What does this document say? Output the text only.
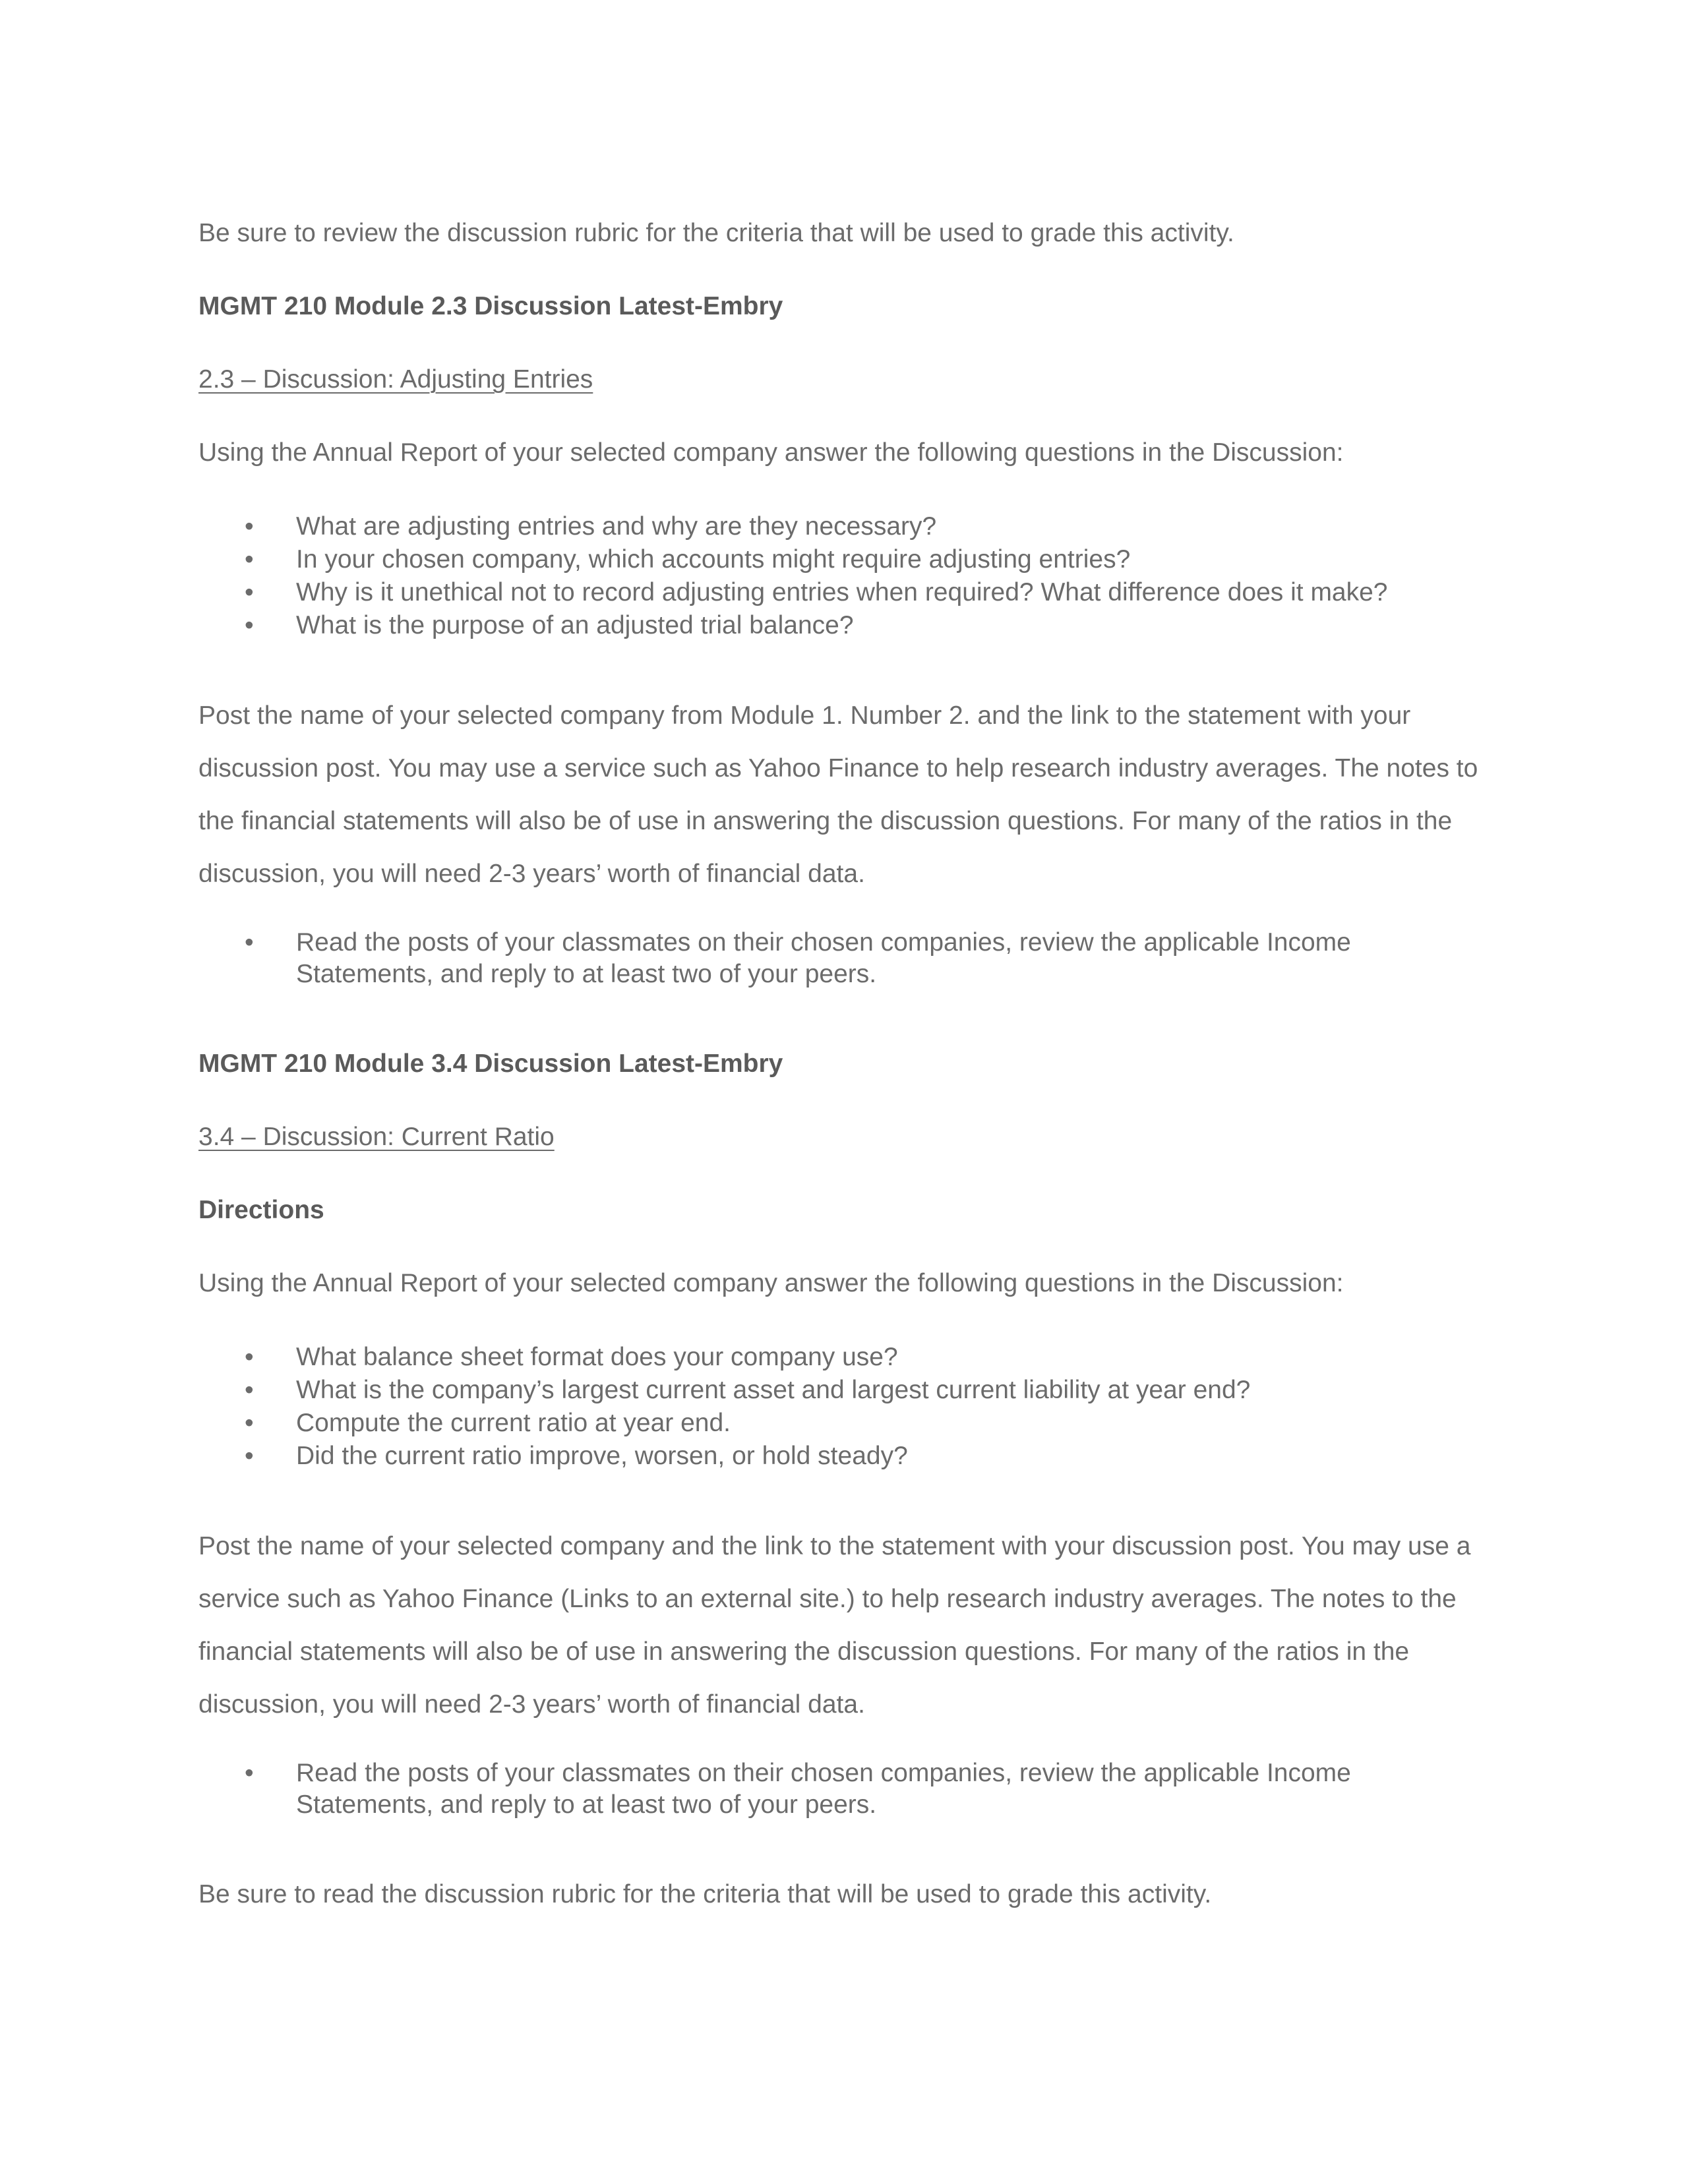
Be sure to review the discussion rubric for the criteria that will be used to grade this activity.

MGMT 210 Module 2.3 Discussion Latest-Embry

2.3 – Discussion: Adjusting Entries

Using the Annual Report of your selected company answer the following questions in the Discussion:

• What are adjusting entries and why are they necessary?
• In your chosen company, which accounts might require adjusting entries?
• Why is it unethical not to record adjusting entries when required? What difference does it make?
• What is the purpose of an adjusted trial balance?

Post the name of your selected company from Module 1. Number 2. and the link to the statement with your discussion post. You may use a service such as Yahoo Finance to help research industry averages. The notes to the financial statements will also be of use in answering the discussion questions. For many of the ratios in the discussion, you will need 2-3 years’ worth of financial data.

• Read the posts of your classmates on their chosen companies, review the applicable Income Statements, and reply to at least two of your peers.

MGMT 210 Module 3.4 Discussion Latest-Embry

3.4 – Discussion: Current Ratio

Directions

Using the Annual Report of your selected company answer the following questions in the Discussion:

• What balance sheet format does your company use?
• What is the company’s largest current asset and largest current liability at year end?
• Compute the current ratio at year end.
• Did the current ratio improve, worsen, or hold steady?

Post the name of your selected company and the link to the statement with your discussion post. You may use a service such as Yahoo Finance (Links to an external site.) to help research industry averages. The notes to the financial statements will also be of use in answering the discussion questions. For many of the ratios in the discussion, you will need 2-3 years’ worth of financial data.

• Read the posts of your classmates on their chosen companies, review the applicable Income Statements, and reply to at least two of your peers.

Be sure to read the discussion rubric for the criteria that will be used to grade this activity.
